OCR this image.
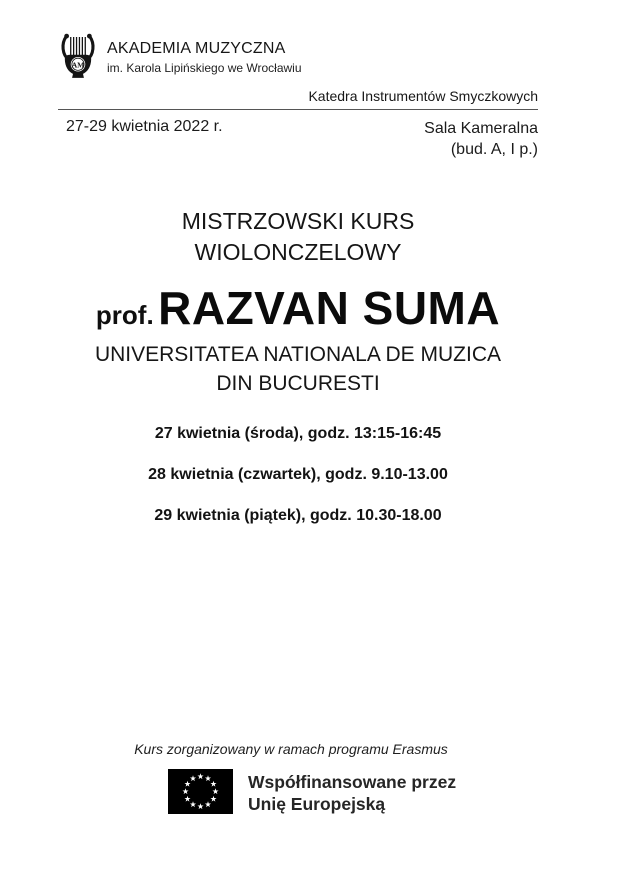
AM
AKADEMIA MUZYCZNA
im. Karola Lipińskiego we Wrocławiu
Katedra Instrumentów Smyczkowych
27-29 kwietnia 2022 r.	Sala Kameralna
(bud. A, I p.)
MISTRZOWSKI KURS
WIOLONCZELOWY
prof. RAZVAN SUMA
UNIVERSITATEA NATIONALA DE MUZICA
DIN BUCURESTI
27 kwietnia (środa), godz. 13:15-16:45
28 kwietnia (czwartek), godz. 9.10-13.00
29 kwietnia (piątek), godz. 10.30-18.00
Kurs zorganizowany w ramach programu Erasmus
Współfinansowane przez
Unię Europejską
